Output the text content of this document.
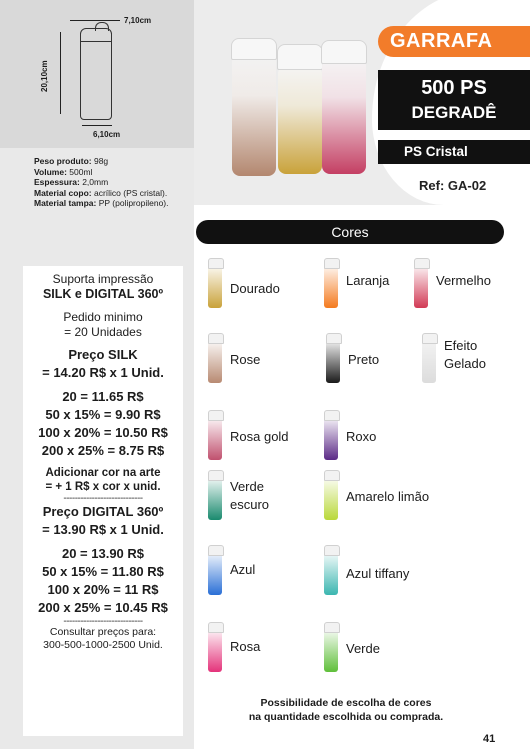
7,10cm
20,10cm
6,10cm
Peso produto: 98g
Volume: 500ml
Espessura: 2,0mm
Material copo: acrílico (PS cristal).
Material tampa: PP (polipropileno).
Suporta impressão
SILK e DIGITAL 360º
Pedido minimo
= 20 Unidades
Preço SILK
= 14.20 R$ x 1 Unid.
20 = 11.65 R$
50 x 15% = 9.90 R$
100 x 20% = 10.50 R$
200 x 25% = 8.75 R$
Adicionar cor na arte
= + 1 R$ x cor x unid.
----------------------------
Preço DIGITAL 360º
= 13.90 R$ x 1 Unid.
20 = 13.90 R$
50 x 15% = 11.80 R$
100 x 20% = 11 R$
200 x 25% = 10.45 R$
----------------------------
Consultar preços para:
300-500-1000-2500 Unid.
GARRAFA
500 PS
DEGRADÊ
PS Cristal
Ref: GA-02
Cores
Dourado
Laranja	Vermelho
Rose	Preto
Efeito Gelado
Rosa gold	Roxo
Verde escuro
Amarelo limão
Azul	Azul tiffany
Rosa	Verde
Possibilidade de escolha de cores
na quantidade escolhida ou comprada.
41
